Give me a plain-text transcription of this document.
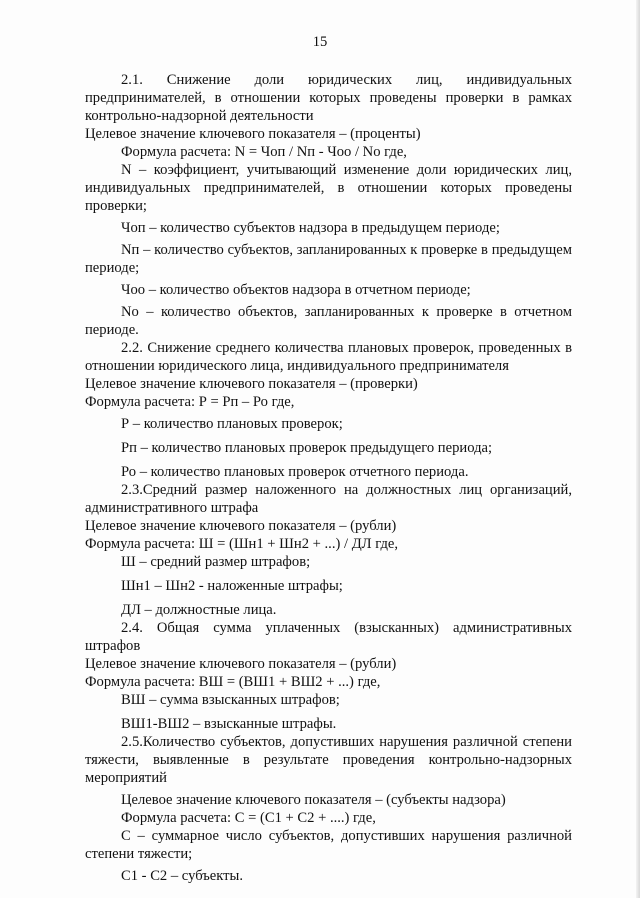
15

2.1. Снижение доли юридических лиц, индивидуальных предпринимателей, в отношении которых проведены проверки в рамках контрольно-надзорной деятельности

Целевое значение ключевого показателя – (проценты)

Формула расчета: N = Чоп / Nп - Чоо / No где,

N – коэффициент, учитывающий изменение доли юридических лиц, индивидуальных предпринимателей, в отношении которых проведены проверки;

Чоп – количество субъектов надзора в предыдущем периоде;

Nп – количество субъектов, запланированных к проверке в предыдущем периоде;

Чоо – количество объектов надзора в отчетном периоде;

No – количество объектов, запланированных к проверке в отчетном периоде.

2.2. Снижение среднего количества плановых проверок, проведенных в отношении юридического лица, индивидуального предпринимателя

Целевое значение ключевого показателя – (проверки)

Формула расчета: Р = Рп – Ро где,

Р – количество плановых проверок;

Рп – количество плановых проверок предыдущего периода;

Ро – количество плановых проверок отчетного периода.

2.3.Средний размер наложенного на должностных лиц организаций, административного штрафа

Целевое значение ключевого показателя – (рубли)

Формула расчета: Ш = (Шн1 + Шн2 + ...) / ДЛ где,

Ш – средний размер штрафов;

Шн1 – Шн2 - наложенные штрафы;

ДЛ – должностные лица.

2.4. Общая сумма уплаченных (взысканных) административных штрафов

Целевое значение ключевого показателя – (рубли)

Формула расчета: ВШ = (ВШ1 + ВШ2 + ...) где,

ВШ – сумма взысканных штрафов;

ВШ1-ВШ2 – взысканные штрафы.

2.5.Количество субъектов, допустивших нарушения различной степени тяжести, выявленные в результате проведения контрольно-надзорных мероприятий

Целевое значение ключевого показателя – (субъекты надзора)

Формула расчета: С = (С1 + С2 + ....) где,

С – суммарное число субъектов, допустивших нарушения различной степени тяжести;

С1 - С2 – субъекты.
